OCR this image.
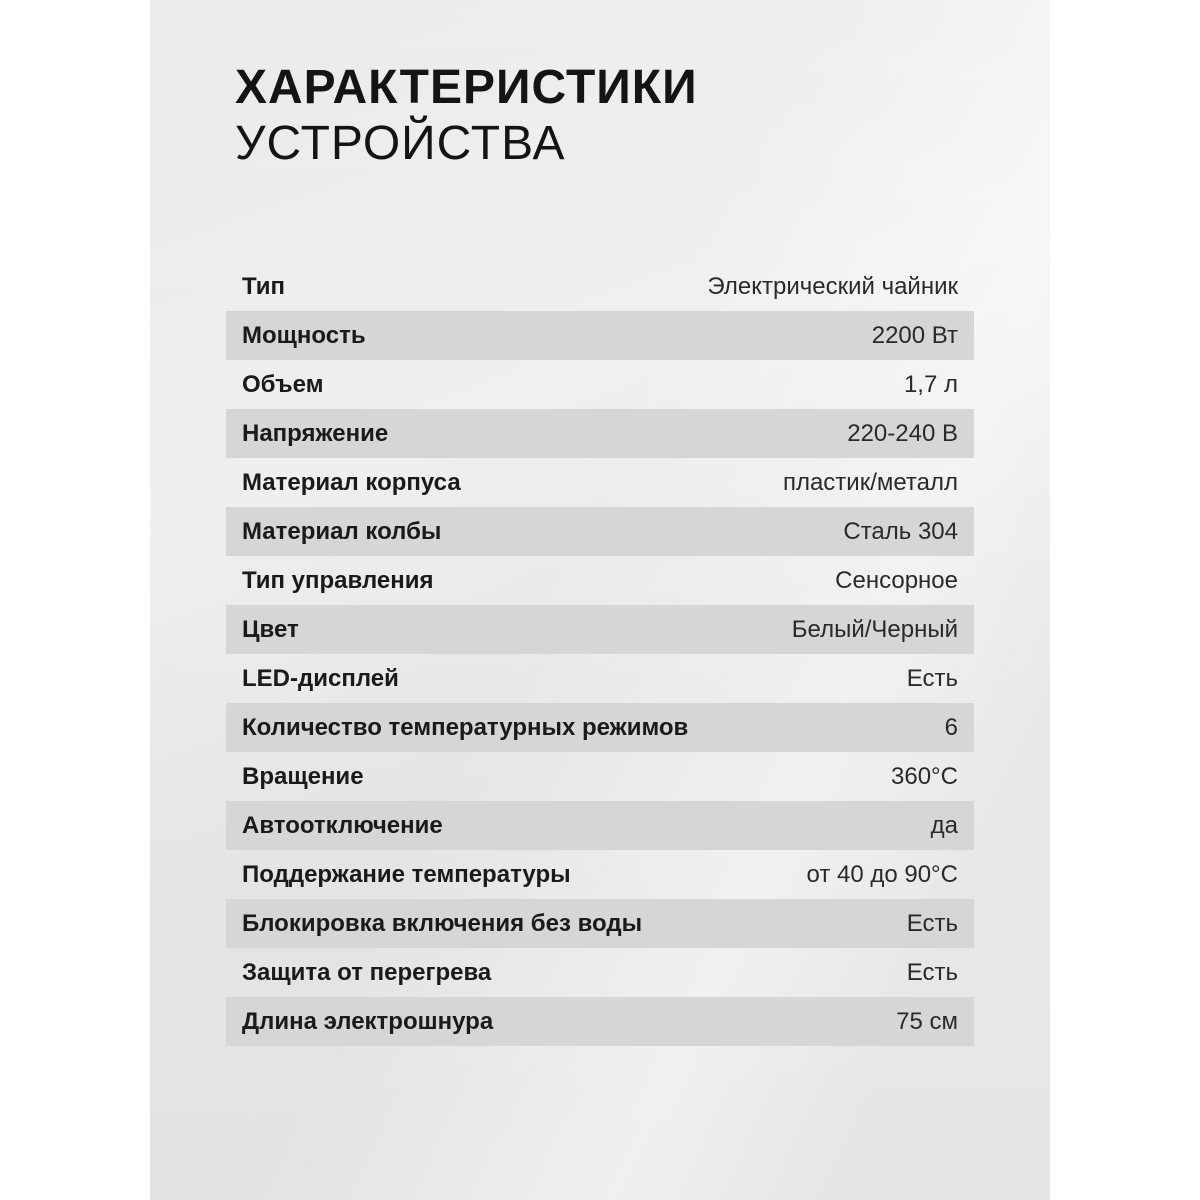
ХАРАКТЕРИСТИКИ
УСТРОЙСТВА
Тип	Электрический чайник
Мощность	2200 Вт
Объем	1,7 л
Напряжение	220-240 В
Материал корпуса	пластик/металл
Материал колбы	Сталь 304
Тип управления	Сенсорное
Цвет	Белый/Черный
LED-дисплей	Есть
Количество температурных режимов	6
Вращение	360°С
Автоотключение	да
Поддержание температуры	от 40 до 90°С
Блокировка включения без воды	Есть
Защита от перегрева	Есть
Длина электрошнура	75 см
